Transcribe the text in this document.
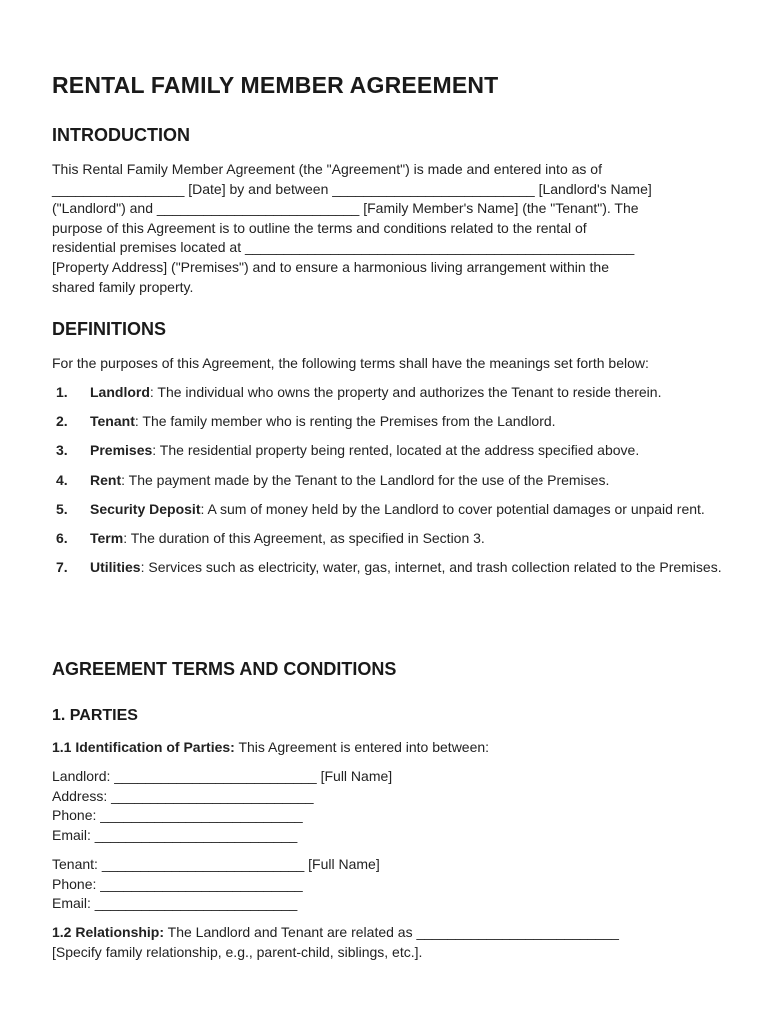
RENTAL FAMILY MEMBER AGREEMENT
INTRODUCTION

This Rental Family Member Agreement (the "Agreement") is made and entered into as of

_________________ [Date] by and between __________________________ [Landlord's Name]

("Landlord") and __________________________ [Family Member's Name] (the "Tenant"). The

purpose of this Agreement is to outline the terms and conditions related to the rental of

residential premises located at __________________________________________________

[Property Address] ("Premises") and to ensure a harmonious living arrangement within the

shared family property.

DEFINITIONS

For the purposes of this Agreement, the following terms shall have the meanings set forth below:

1. Landlord: The individual who owns the property and authorizes the Tenant to reside therein.
2. Tenant: The family member who is renting the Premises from the Landlord.
3. Premises: The residential property being rented, located at the address specified above.
4. Rent: The payment made by the Tenant to the Landlord for the use of the Premises.
5. Security Deposit: A sum of money held by the Landlord to cover potential damages or unpaid rent.
6. Term: The duration of this Agreement, as specified in Section 3.
7. Utilities: Services such as electricity, water, gas, internet, and trash collection related to the Premises.
AGREEMENT TERMS AND CONDITIONS
1. PARTIES

1.1 Identification of Parties: This Agreement is entered into between:

Landlord: __________________________ [Full Name]

Address: __________________________

Phone: __________________________

Email: __________________________

Tenant: __________________________ [Full Name]

Phone: __________________________

Email: __________________________

1.2 Relationship: The Landlord and Tenant are related as __________________________

[Specify family relationship, e.g., parent-child, siblings, etc.].
